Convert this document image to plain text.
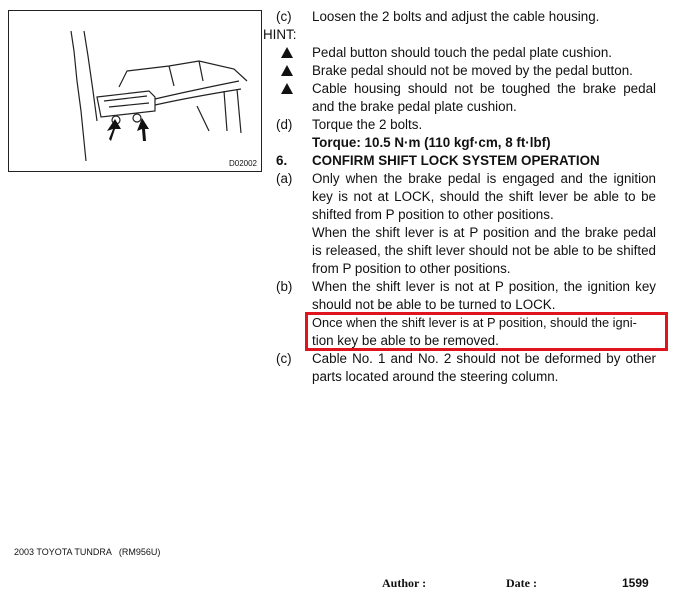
D02002
(c) Loosen the 2 bolts and adjust the cable housing.
HINT:
Pedal button should touch the pedal plate cushion.
Brake pedal should not be moved by the pedal button.
Cable housing should not be toughed the brake pedal
and the brake pedal plate cushion.
(d) Torque the 2 bolts.
Torque: 10.5 N·m (110 kgf·cm, 8 ft·lbf)
6. CONFIRM SHIFT LOCK SYSTEM OPERATION
(a) Only when the brake pedal is engaged and the ignition
key is not at LOCK, should the shift lever be able to be
shifted from P position to other positions.
When the shift lever is at P position and the brake pedal
is released, the shift lever should not be able to be shifted
from P position to other positions.
(b) When the shift lever is not at P position, the ignition key
should not be able to be turned to LOCK.
Once when the shift lever is at P position, should the igni-
tion key be able to be removed.
(c) Cable No. 1 and No. 2 should not be deformed by other
parts located around the steering column.
2003 TOYOTA TUNDRA   (RM956U)
Author :	Date :	1599
